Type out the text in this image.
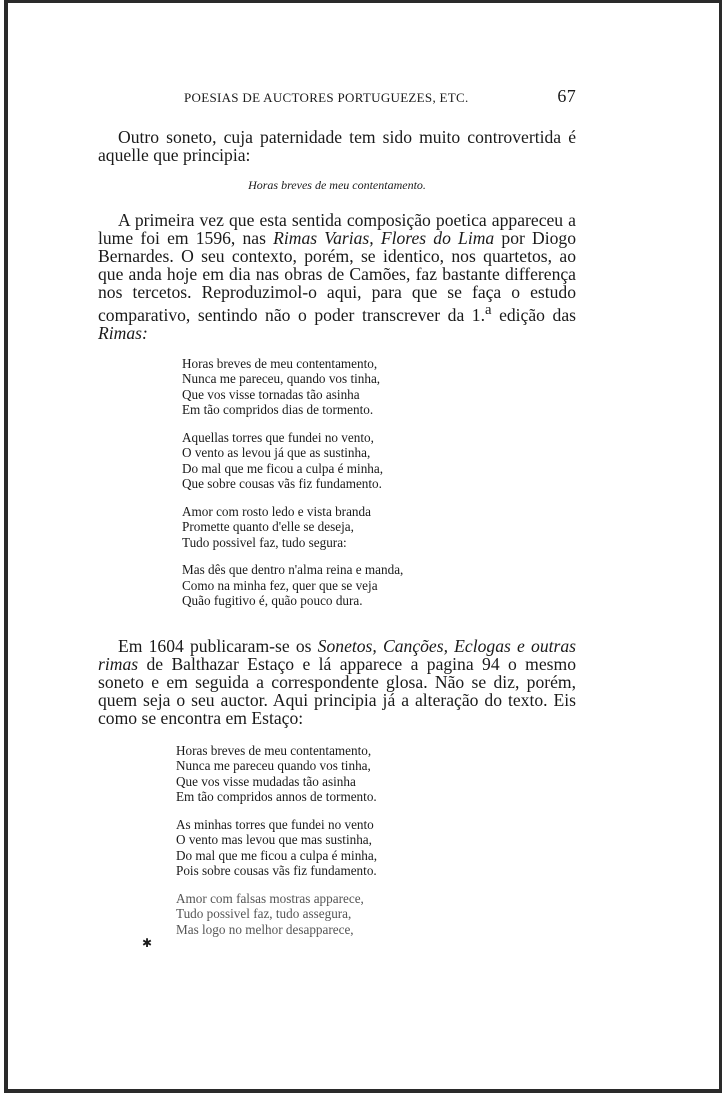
POESIAS DE AUCTORES PORTUGUEZES, ETC.	67

Outro soneto, cuja paternidade tem sido muito controvertida é aquelle que principia:

Horas breves de meu contentamento.

A primeira vez que esta sentida composição poetica appareceu a lume foi em 1596, nas Rimas Varias, Flores do Lima por Diogo Bernardes. O seu contexto, porém, se identico, nos quartetos, ao que anda hoje em dia nas obras de Camões, faz bastante differença nos tercetos. Reproduzimol-o aqui, para que se faça o estudo comparativo, sentindo não o poder transcrever da 1.$^a$ edição das Rimas:

Horas breves de meu contentamento,
Nunca me pareceu, quando vos tinha,
Que vos visse tornadas tão asinha
Em tão compridos dias de tormento.
Aquellas torres que fundei no vento,
O vento as levou já que as sustinha,
Do mal que me ficou a culpa é minha,
Que sobre cousas vãs fiz fundamento.
Amor com rosto ledo e vista branda
Promette quanto d'elle se deseja,
Tudo possivel faz, tudo segura:
Mas dês que dentro n'alma reina e manda,
Como na minha fez, quer que se veja
Quão fugitivo é, quão pouco dura.

Em 1604 publicaram-se os Sonetos, Canções, Eclogas e outras rimas de Balthazar Estaço e lá apparece a pagina 94 o mesmo soneto e em seguida a correspondente glosa. Não se diz, porém, quem seja o seu auctor. Aqui principia já a alteração do texto. Eis como se encontra em Estaço:

Horas breves de meu contentamento,
Nunca me pareceu quando vos tinha,
Que vos visse mudadas tão asinha
Em tão compridos annos de tormento.
As minhas torres que fundei no vento
O vento mas levou que mas sustinha,
Do mal que me ficou a culpa é minha,
Pois sobre cousas vãs fiz fundamento.
Amor com falsas mostras apparece,
Tudo possivel faz, tudo assegura,
Mas logo no melhor desapparece,
✱
